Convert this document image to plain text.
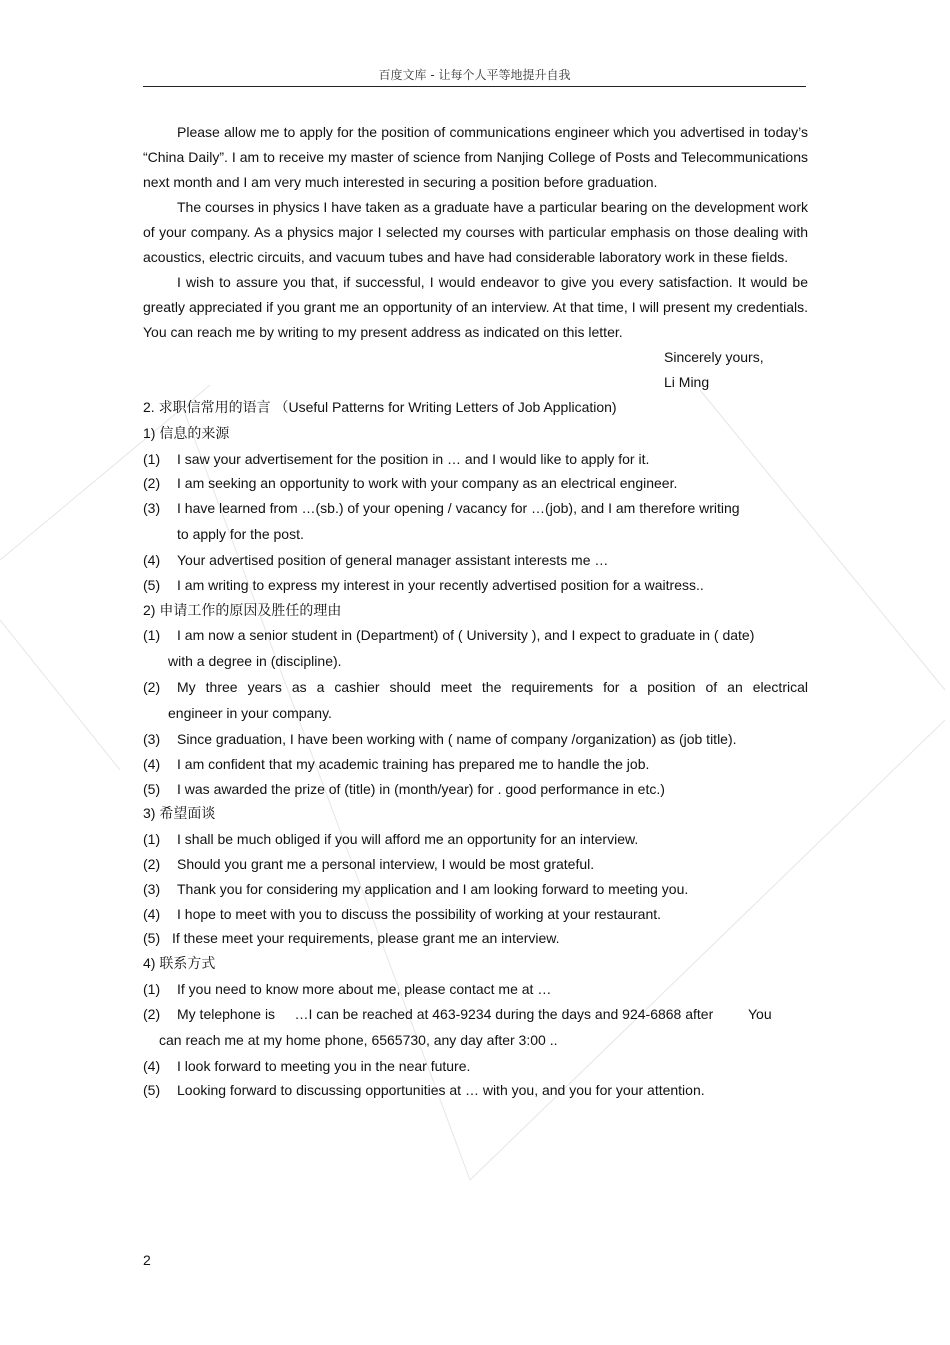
百度文库 - 让每个人平等地提升自我

Please allow me to apply for the position of communications engineer which you advertised in today’s “China Daily”. I am to receive my master of science from Nanjing College of Posts and Telecommunications next month and I am very much interested in securing a position before graduation.

The courses in physics I have taken as a graduate have a particular bearing on the development work of your company. As a physics major I selected my courses with particular emphasis on those dealing with acoustics, electric circuits, and vacuum tubes and have had considerable laboratory work in these fields.

I wish to assure you that, if successful, I would endeavor to give you every satisfaction. It would be greatly appreciated if you grant me an opportunity of an interview. At that time, I will present my credentials. You can reach me by writing to my present address as indicated on this letter.

Sincerely yours,

Li Ming

2. 求职信常用的语言 （Useful Patterns for Writing Letters of Job Application)

1) 信息的来源

(1)	I saw your advertisement for the position in … and I would like to apply for it.
(2)	I am seeking an opportunity to work with your company as an electrical engineer.
(3)	I have learned from …(sb.) of your opening / vacancy for …(job), and I am therefore writing

to apply for the post.

(4)	Your advertised position of general manager assistant interests me …
(5)	I am writing to express my interest in your recently advertised position for a waitress..

2) 申请工作的原因及胜任的理由

(1)	I am now a senior student in (Department) of ( University ), and I expect to graduate in ( date)

with a degree in (discipline).

(2)	My three years as a cashier should meet the requirements for a position of an electrical

engineer in your company.

(3)	Since graduation, I have been working with ( name of company /organization) as (job title).
(4)	I am confident that my academic training has prepared me to handle the job.
(5)	I was awarded the prize of (title) in (month/year) for . good performance in etc.)

3) 希望面谈

(1)	I shall be much obliged if you will afford me an opportunity for an interview.
(2)	Should you grant me a personal interview, I would be most grateful.
(3)	Thank you for considering my application and I am looking forward to meeting you.
(4)	I hope to meet with you to discuss the possibility of working at your restaurant.
(5) If these meet your requirements, please grant me an interview.

4) 联系方式

(1)	If you need to know more about me, please contact me at …
(2)	My telephone is     …I can be reached at 463-9234 during the days and 924-6868 after         You

can reach me at my home phone, 6565730, any day after 3:00 ..

(4)	I look forward to meeting you in the near future.
(5)	Looking forward to discussing opportunities at … with you, and you for your attention.
2
